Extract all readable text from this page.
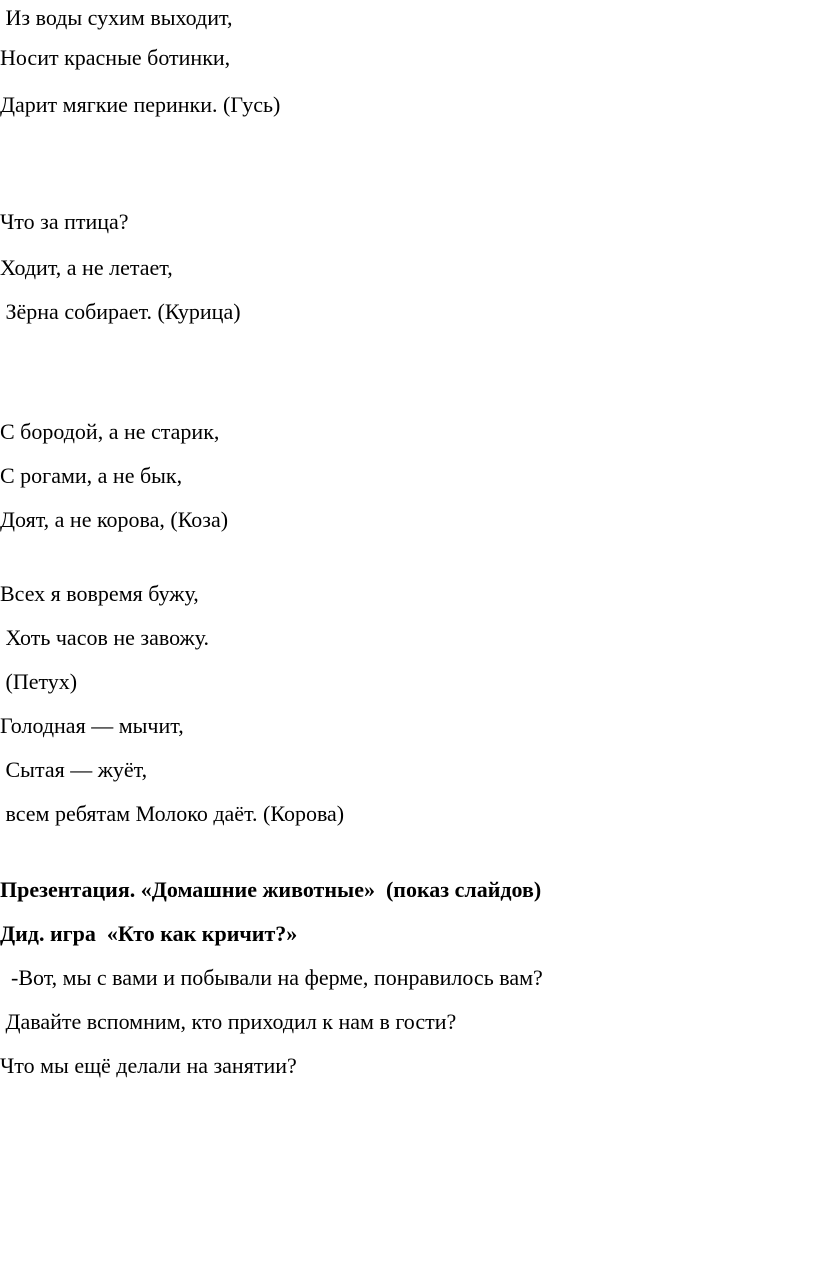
Из воды сухим выходит,

Носит красные ботинки,

Дарит мягкие перинки. (Гусь)

Что за птица?

Ходит, а не летает,

Зёрна собирает. (Курица)

С бородой, а не старик,

С рогами, а не бык,

Доят, а не корова, (Коза)

Всех я вовремя бужу,

Хоть часов не завожу.

(Петух)

Голодная — мычит,

Сытая — жуёт,

всем ребятам Молоко даёт. (Корова)

Презентация. «Домашние животные»  (показ слайдов)

Дид. игра  «Кто как кричит?»

-Вот, мы с вами и побывали на ферме, понравилось вам?

Давайте вспомним, кто приходил к нам в гости?

Что мы ещё делали на занятии?
